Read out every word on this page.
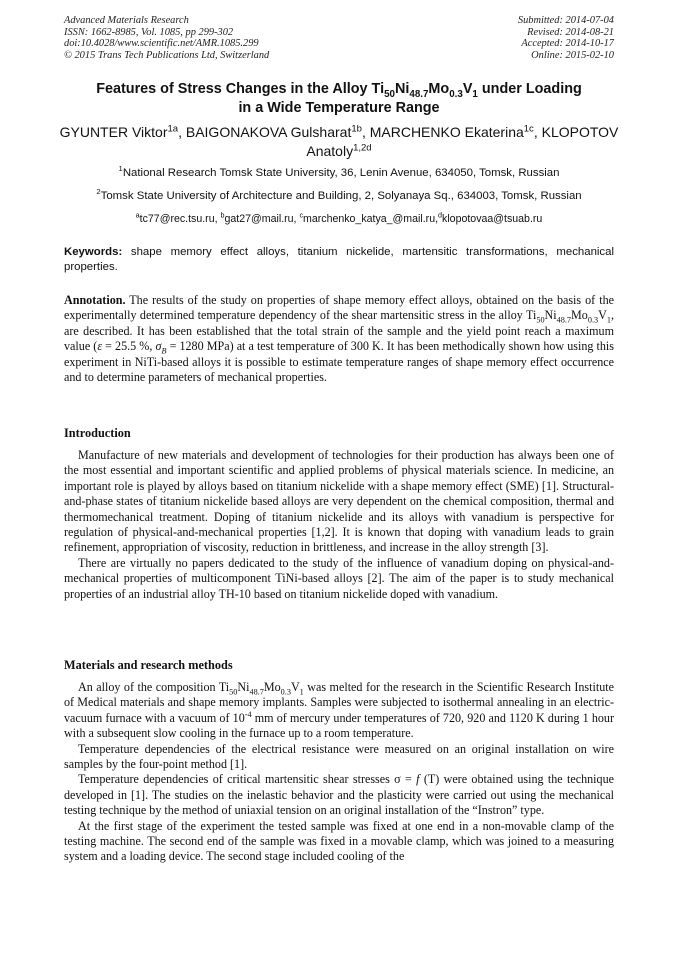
Advanced Materials Research
ISSN: 1662-8985, Vol. 1085, pp 299-302
doi:10.4028/www.scientific.net/AMR.1085.299
© 2015 Trans Tech Publications Ltd, Switzerland
Submitted: 2014-07-04
Revised: 2014-08-21
Accepted: 2014-10-17
Online: 2015-02-10
Features of Stress Changes in the Alloy $Ti_{50}Ni_{48.7}Mo_{0.3}V_1$ under Loading
in a Wide Temperature Range
GYUNTER Viktor$^{1a}$, BAIGONAKOVA Gulsharat$^{1b}$, MARCHENKO Ekaterina$^{1c}$, KLOPOTOV Anatoly$^{1,2d}$
$^1$National Research Tomsk State University, 36, Lenin Avenue, 634050, Tomsk, Russian
$^2$Tomsk State University of Architecture and Building, 2, Solyanaya Sq., 634003, Tomsk, Russian
$^a$tc77@rec.tsu.ru, $^b$gat27@mail.ru, $^c$marchenko_katya_@mail.ru,$^d$klopotovaa@tsuab.ru
Keywords: shape memory effect alloys, titanium nickelide, martensitic transformations, mechanical properties.

Annotation. The results of the study on properties of shape memory effect alloys, obtained on the basis of the experimentally determined temperature dependency of the shear martensitic stress in the alloy $Ti_{50}Ni_{48.7}Mo_{0.3}V_1$, are described. It has been established that the total strain of the sample and the yield point reach a maximum value (ε = 25.5 %, $\sigma_B = 1280$ MPa) at a test temperature of 300 K. It has been methodically shown how using this experiment in NiTi-based alloys it is possible to estimate temperature ranges of shape memory effect occurrence and to determine parameters of mechanical properties.

Introduction

Manufacture of new materials and development of technologies for their production has always been one of the most essential and important scientific and applied problems of physical materials science. In medicine, an important role is played by alloys based on titanium nickelide with a shape memory effect (SME) [1]. Structural-and-phase states of titanium nickelide based alloys are very dependent on the chemical composition, thermal and thermomechanical treatment. Doping of titanium nickelide and its alloys with vanadium is perspective for regulation of physical-and-mechanical properties [1,2]. It is known that doping with vanadium leads to grain refinement, appropriation of viscosity, reduction in brittleness, and increase in the alloy strength [3].

There are virtually no papers dedicated to the study of the influence of vanadium doping on physical-and-mechanical properties of multicomponent TiNi-based alloys [2]. The aim of the paper is to study mechanical properties of an industrial alloy TH-10 based on titanium nickelide doped with vanadium.

Materials and research methods

An alloy of the composition $Ti_{50}Ni_{48.7}Mo_{0.3}V_1$ was melted for the research in the Scientific Research Institute of Medical materials and shape memory implants. Samples were subjected to isothermal annealing in an electric-vacuum furnace with a vacuum of $10^{-4}$ mm of mercury under temperatures of 720, 920 and 1120 K during 1 hour with a subsequent slow cooling in the furnace up to a room temperature.

Temperature dependencies of the electrical resistance were measured on an original installation on wire samples by the four-point method [1].

Temperature dependencies of critical martensitic shear stresses σ = f (T) were obtained using the technique developed in [1]. The studies on the inelastic behavior and the plasticity were carried out using the mechanical testing technique by the method of uniaxial tension on an original installation of the “Instron” type.

At the first stage of the experiment the tested sample was fixed at one end in a non-movable clamp of the testing machine. The second end of the sample was fixed in a movable clamp, which was joined to a measuring system and a loading device. The second stage included cooling of the
